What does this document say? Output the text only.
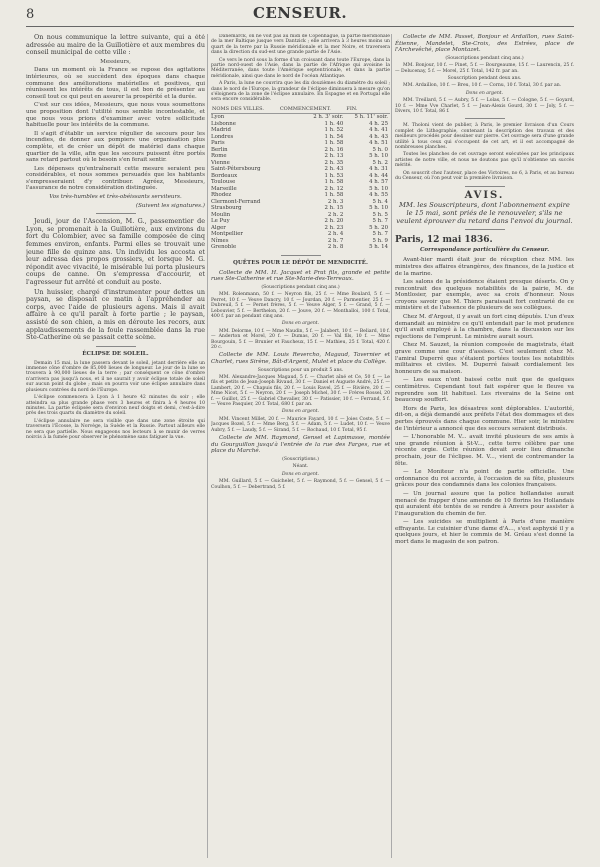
8	CENSEUR.

On nous communique la lettre suivante, qui a été adressée au maire de la Guillotière et aux membres du conseil municipal de cette ville :

Messieurs,

Dans un moment où la France se repose des agitations intérieures, où se succèdent des époques dans chaque commune des améliorations matérielles et positives, qui réunissent les intérêts de tous, il est bon de présenter au conseil tout ce qui peut en assurer la prospérité et la durée.

C'est sur ces idées, Messieurs, que nous vous soumettons une proposition dont l'utilité nous semble incontestable, et que nous vous prions d'examiner avec votre sollicitude habituelle pour les intérêts de la commune.

Il s'agit d'établir un service régulier de secours pour les incendies, de donner aux pompiers une organisation plus complète, et de créer un dépôt de matériel dans chaque quartier de la ville, afin que les secours puissent être portés sans retard partout où le besoin s'en ferait sentir.

Les dépenses qu'entraînerait cette mesure seraient peu considérables, et nous sommes persuadés que les habitants s'empresseraient d'y contribuer. Agréez, Messieurs, l'assurance de notre considération distinguée.

Vos très-humbles et très-obéissants serviteurs.

(Suivent les signatures.)

Jeudi, jour de l'Ascension, M. G., passementier de Lyon, se promenait à la Guillotière, aux environs du fort du Colombier, avec sa famille composée de cinq femmes environ, enfants. Parmi elles se trouvait une jeune fille de quinze ans. Un individu les accosta et leur adressa des propos grossiers, et lorsque M. G. répondit avec vivacité, le misérable lui porta plusieurs coups de canne. On s'empressa d'accourir, et l'agresseur fut arrêté et conduit au poste.

Un huissier, chargé d'instrumenter pour dettes un paysan, se disposait ce matin à l'appréhender au corps, avec l'aide de plusieurs agens. Mais il avait affaire à ce qu'il paraît à forte partie ; le paysan, assisté de son chien, a mis en déroute les recors, aux applaudissements de la foule rassemblée dans la rue Ste-Catherine où se passait cette scène.

ÉCLIPSE DE SOLEIL.

Demain 15 mai, la lune passera devant le soleil, jetant derrière elle un immense cône d'ombre de 85,000 lieues de longueur. Le jour de la lune se trouvera à 90,000 lieues de la terre ; par conséquent ce cône d'ombre n'arrivera pas jusqu'à nous, et il ne saurait y avoir éclipse totale de soleil sur aucun point du globe ; mais on pourra voir une éclipse annulaire dans plusieurs contrées du nord de l'Europe.

L'éclipse commencera à Lyon à 1 heure 42 minutes du soir ; elle atteindra sa plus grande phase vers 3 heures et finira à 4 heures 10 minutes. La partie éclipsée sera d'environ neuf doigts et demi, c'est-à-dire près des trois quarts du diamètre du soleil.

L'éclipse annulaire ne sera visible que dans une zone étroite qui traversera l'Écosse, la Norvège, la Suède et la Russie. Partout ailleurs elle ne sera que partielle. Nous engageons nos lecteurs à se munir de verres noircis à la fumée pour observer le phénomène sans fatiguer la vue.

Danemarck, on ne voit pas au midi de Copenhague, la partie méridionale de la mer Baltique jusque vers Dantzick ; elle arrivera à 3 heures moins un quart de la terre par la Russie méridionale et la mer Noire, et traversera dans la direction du sud-est une grande partie de l'Asie.

Ce vers le nord sous la forme d'un croissant dans toute l'Europe, dans la partie nord-ouest de l'Asie, dans la partie de l'Afrique qui avoisine la Méditerranée, dans toute l'Amérique septentrionale, et dans la partie méridionale, ainsi que dans le nord de l'océan Atlantique.

A Paris, la lune ne couvrira que les dix douzièmes du diamètre du soleil ; dans le nord de l'Europe, la grandeur de l'éclipse diminuera à mesure qu'on s'éloignera de la zone de l'éclipse annulaire. En Espagne et en Portugal elle sera encore considérable.

NOMS DES VILLES.	COMMENCEMENT.	FIN.
Lyon	2 h. 3' soir.	5 h. 11' soir.
Lisbonne	1 h. 40	4 h. 25
Madrid	1 h. 52	4 h. 41
Londres	1 h. 54	4 h. 43
Paris	1 h. 58	4 h. 51
Berlin	2 h. 16	5 h. 0
Rome	2 h. 13	5 h. 10
Vienne	2 h. 35	5 h. 2
Saint-Pétersbourg	2 h. 43	4 h. 31
Bordeaux	1 h. 53	4 h. 44
Toulouse	1 h. 58	4 h. 57
Marseille	2 h. 12	5 h. 10
Rhodez	1 h. 58	4 h. 55
Clermont-Ferrand	2 h. 3	5 h. 4
Strasbourg	2 h. 15	5 h. 10
Moulin	2 h. 2	5 h. 5
Le Puy	2 h. 20	5 h. 7
Alger	2 h. 23	5 h. 20
Montpellier	2 h. 4	5 h. 7
Nîmes	2 h. 7	5 h. 9
Grenoble	2 h. 8	5 h. 14

QUÊTES POUR LE DÉPÔT DE MENDICITÉ.

Collecte de MM. H. Jacquet et Prat fils, grande et petite rues Ste-Catherine et rue Ste-Marie-des-Terreaux.

(Souscriptions pendant cinq ans.)

MM. Rolenmann, 50 f. — Neyron fils, 25 f. — Mme Boulard, 5 f. — Perret, 10 f. — Veuve Dancry, 10 f. — Jourdan, 20 f. — Parmentier, 25 f. — Dubreuil, 5 f. — Pernet frères, 5 f. — Veuve Alger, 5 f. — Grand, 5 f. — Lebouvier, 5 f. — Berthelon, 20 f. — Jouve, 20 f. — Monthalloi, 100 f. Total, 400 f. par an pendant cinq ans.

Dons en argent.

MM. Delorme, 10 f. — Mme Naudin, 5 f. — Jalabert, 10 f. — Beliard, 10 f. — Anderton et Morel, 20 f. — Dumas, 20 f. — Val fils, 10 f. — Mme Bourgouin, 5 f. — Brunier et Faucheux, 15 f. — Mathieu, 25 f. Total, 420 f. 20 c.

Collecte de MM. Louis Revercho, Magaud, Tavernier et Charlet, rues Sirène, Bât-d'Argent, Mulet et place du Collège.

Souscriptions pour un produit 5 ans.

MM. Alexandre-Jacques Magaud, 5 f. — Charlet aîné et Ce, 50 f. — Le fils et petits de Jean-Joseph Rivaud, 30 f. — Daniel et Auguste André, 25 f. — Lambert, 20 f. — Chapuis fils, 20 f. — Louis Ravel, 25 f. — Rivière, 20 f. — Mme Nicot, 5 f. — Neyron, 20 f. — Joseph Michel, 30 f. — Frères Rossel, 20 f. — Guillot, 25 f. — Gabriel Chevalier, 30 f. — Patissier, 10 f. — Ferrand, 5 f. — Veuve Pasquier, 20 f. Total, 680 f. par an.

Dons en argent.

MM. Vincent Millet, 20 f. — Maurice Fayard, 10 f. — Joies Coste, 5 f. — Jacques Bozel, 5 f. — Mme Berg, 5 f. — Adam, 5 f. — Ludet, 10 f. — Veuve Aubry, 5 f. — Laudy, 5 f. — Sirand, 5 f. — Rochaud, 10 f. Total, 95 f.

Collecte de MM. Raymond, Gensel et Lapimasse, montée du Gourguillon jusqu'à l'entrée de la rue des Farges, rue et place du Marché.

(Souscriptions.)

Néant.

Dons en argent.

MM. Guillard, 5 f. — Guichelet, 5 f. — Raymond, 5 f. — Gensel, 5 f. — Coulhon, 5 f. — Debertrand, 5 f.

Collecte de MM. Passet, Bonjour et Ardaillon, rues Saint-Étienne, Mandelet, Ste-Croix, des Estrées, place de l'Archevêché, place Montazet.

(Souscriptions pendant cinq ans.)

MM. Bonjour, 10 f. — Pinet, 5 f. — Bourgeaume, 15 f. — Laurencin, 25 f. — Delucenay, 5 f. — Morel, 25 f. Total, 142 fr. par an.

Souscription pendant deux ans.

MM. Ardaillon, 10 f. — Breu, 10 f. — Cornu, 10 f. Total, 30 f. par an.

Dons en argent.

MM. Treillard, 5 f. — Aubry, 5 f. — Lolas, 5 f. — Cologne, 5 f. — Goyard, 10 f. — Mme Vve Charlet, 5 f. — Jean-Alexis Gourd, 30 f. — Joly, 5 f. — Divers, 10 f. Total, 86 f.

M. Tholoni vient de publier, à Paris, le premier livraison d'un Cours complet de Lithographie, contenant la description des travaux et des meilleurs procédés pour dessiner sur pierre. Cet ouvrage sera d'une grande utilité à tous ceux qui s'occupent de cet art, et il est accompagné de nombreuses planches.

Toutes les planches de cet ouvrage seront exécutées par les principaux artistes de notre ville, et nous ne doutons pas qu'il n'obtienne un succès mérité.

On souscrit chez l'auteur, place des Victoires, no 6, à Paris, et au bureau du Censeur, où l'on peut voir la première livraison.

AVIS.

MM. les Souscripteurs, dont l'abonnement expire le 15 mai, sont priés de le renouveler, s'ils ne veulent éprouver du retard dans l'envoi du journal.

Paris, 12 mai 1836.

Correspondance particulière du Censeur.

Avant-hier mardi était jour de réception chez MM. les ministres des affaires étrangères, des finances, de la justice et de la marine.

Les salons de la présidence étaient presque déserts. On y rencontrait des quelques notabilités de la pairie, M. de Montlosier, par exemple, avec sa croix d'honneur. Nous croyons savoir que M. Thiers paraissait fort contrarié de ce ministère et de l'absence de plusieurs de ses collègues.

Chez M. d'Argout, il y avait un fort cinq députés. L'un d'eux demandait au ministre ce qu'il entendait par le mot prudence qu'il avait employé à la chambre, dans la discussion sur les rejections de l'emprunt. Le ministre aurait souri.

Chez M. Sauzet, la réunion composée de magistrats, était grave comme une cour d'assises. C'est seulement chez M. l'amiral Duperré que s'étaient portées toutes les notabilités militaires et civiles. M. Duperré faisait cordialement les honneurs de sa maison.

— Les eaux n'ont baissé cette nuit que de quelques centimètres. Cependant tout fait espérer que le fleuve va reprendre son lit habituel. Les riverains de la Seine ont beaucoup souffert.

Hors de Paris, les désastres sont déplorables. L'autorité, dit-on, a déjà demandé aux préfets l'état des dommages et des pertes éprouvés dans chaque commune. Hier soir, le ministre de l'intérieur a annoncé que des secours seraient distribués.

— L'honorable M. V... avait invité plusieurs de ses amis à une grande réunion à St-V..., cette terre célèbre par une récente orgie. Cette réunion devait avoir lieu dimanche prochain, jour de l'éclipse. M. V..., vient de contremander la fête.

— Le Moniteur n'a point de partie officielle. Une ordonnance du roi accorde, à l'occasion de sa fête, plusieurs grâces pour des condamnés dans les colonies françaises.

— Un journal assure que la police hollandaise aurait menacé de frapper d'une amende de 10 florins les Hollandais qui auraient été tentés de se rendre à Anvers pour assister à l'inauguration du chemin de fer.

— Les suicides se multiplient à Paris d'une manière effrayante. Le cuisinier d'une dame d'A..., s'est asphyxié il y a quelques jours, et hier le commis de M. Gréau s'est donné la mort dans le magasin de son patron.
